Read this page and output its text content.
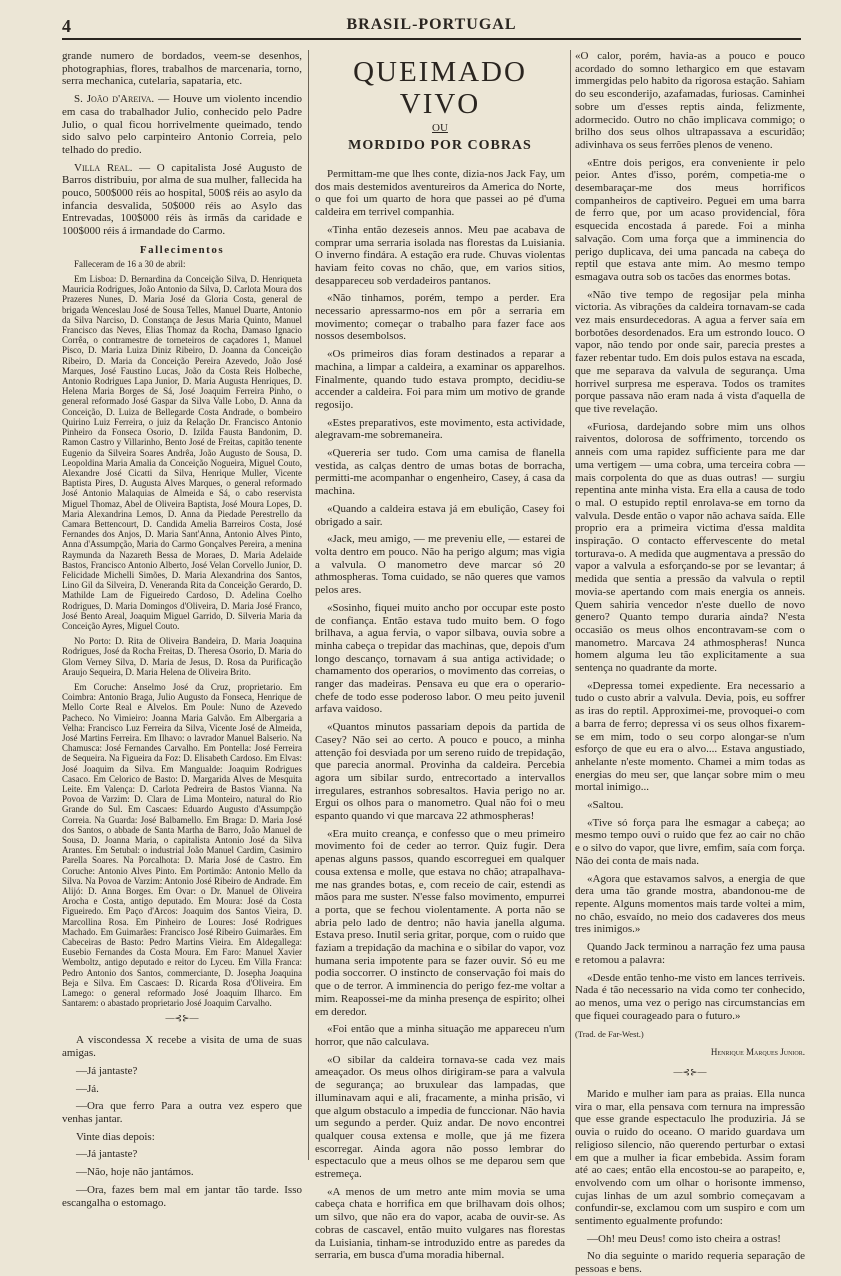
4	BRASIL-PORTUGAL

grande numero de bordados, veem-se desenhos, photographias, flores, trabalhos de marcenaria, torno, serra mechanica, cutelaria, sapataria, etc.

S. João d'Areiva. — Houve um violento incendio em casa do trabalhador Julio, conhecido pelo Padre Julio, o qual ficou horrivelmente queimado, tendo sido salvo pelo carpinteiro Antonio Correia, pelo telhado do predio.

Villa Real. — O capitalista José Augusto de Barros distribuiu, por alma de sua mulher, fallecida ha pouco, 500$000 réis ao hospital, 500$ réis ao asylo da infancia desvalida, 50$000 réis ao Asylo das Entrevadas, 100$000 réis às irmãs da caridade e 100$000 réis á irmandade do Carmo.

Fallecimentos

Falleceram de 16 a 30 de abril:

Em Lisboa: D. Bernardina da Conceição Silva, D. Henriqueta Mauricia Rodrigues, João Antonio da Silva, D. Carlota Moura dos Prazeres Nunes, D. Maria José da Gloria Costa, general de brigada Wenceslau José de Sousa Telles, Manuel Duarte, Antonio da Silva Narciso, D. Constança de Jesus Maria Quinto, Manuel Francisco das Neves, Elias Thomaz da Rocha, Damaso Ignacio Corrêa, o contramestre de torneteiros de caçadores 1, Manuel Pisco, D. Maria Luiza Diniz Ribeiro, D. Joanna da Conceição Ribeiro, D. Maria da Conceição Pereira Azevedo, João José Marques, José Faustino Lucas, João da Costa Reis Holbeche, Antonio Rodrigues Lapa Junior, D. Maria Augusta Henriques, D. Helena Maria Borges de Sá, José Joaquim Ferreira Pinho, o general reformado José Gaspar da Silva Valle Lobo, D. Anna da Conceição, D. Luiza de Bellegarde Costa Andrade, o bombeiro Quirino Luiz Ferreira, o juiz da Relação Dr. Francisco Antonio Pinheiro da Fonseca Osorio, D. Izilda Fausta Bandonim, D. Ramon Castro y Villarinho, Bento José de Freitas, capitão tenente Eugenio da Silveira Soares Andrêa, João Augusto de Sousa, D. Leopoldina Maria Amalia da Conceição Nogueira, Miguel Couto, Alexandre José Cicatti da Silva, Henrique Muller, Vicente Baptista Pires, D. Augusta Alves Marques, o general reformado José Antonio Malaquias de Almeida e Sá, o cabo reservista Miguel Thomaz, Abel de Oliveira Baptista, José Moura Lopes, D. Maria Alexandrina Lemos, D. Anna da Piedade Perestrello da Camara Bettencourt, D. Candida Amelia Barreiros Costa, José Fernandes dos Anjos, D. Maria Sant'Anna, Antonio Alves Pinto, Anna d'Assumpção, Maria do Carmo Gonçalves Pereira, a menina Raymunda da Nazareth Bessa de Moraes, D. Maria Adelaide Bastos, Francisco Antonio Alberto, José Velan Corvello Junior, D. Felicidade Michelli Simões, D. Maria Alexandrina dos Santos, Lino Gil da Silveira, D. Veneranda Rita da Conceição Gerardo, D. Mathilde Lam de Figueiredo Cardoso, D. Adelina Coelho Rodrigues, D. Maria Domingos d'Oliveira, D. Maria José Franco, José Bento Areal, Joaquim Miguel Garrido, D. Silveria Maria da Conceição Ayres, Miguel Couto.

No Porto: D. Rita de Oliveira Bandeira, D. Maria Joaquina Rodrigues, José da Rocha Freitas, D. Theresa Osorio, D. Maria do Glom Verney Silva, D. Maria de Jesus, D. Rosa da Purificação Araujo Sequeira, D. Maria Helena de Oliveira Brito.

Em Coruche: Anselmo José da Cruz, proprietario. Em Coimbra: Antonio Braga, Julio Augusto da Fonseca, Henrique de Mello Corte Real e Alvelos. Em Poule: Nuno de Azevedo Pacheco. No Vimieiro: Joanna Maria Galvão. Em Albergaria a Velha: Francisco Luz Ferreira da Silva, Vicente José de Almeida, José Martins Ferreira. Em Ilhavo: o lavrador Manuel Balserio. Na Chamusca: José Fernandes Carvalho. Em Pontella: José Ferreira de Sequeira. Na Figueira da Foz: D. Elisabeth Cardoso. Em Elvas: José Joaquim da Silva. Em Mangualde: Joaquim Rodrigues Casaco. Em Celorico de Basto: D. Margarida Alves de Mesquita Leite. Em Valença: D. Carlota Pedreira de Bastos Vianna. Na Povoa de Varzim: D. Clara de Lima Monteiro, natural do Rio Grande do Sul. Em Cascaes: Eduardo Augusto d'Assumpção Correia. Na Guarda: José Balbamello. Em Braga: D. Maria José dos Santos, o abbade de Santa Martha de Barro, João Manuel de Sousa, D. Joanna Maria, o capitalista Antonio José da Silva Arantes. Em Setubal: o industrial João Manuel Cardim, Casimiro Parella Soares. Na Porcalhota: D. Maria José de Castro. Em Coruche: Antonio Alves Pinto. Em Portimão: Antonio Mello da Silva. Na Povoa de Varzim: Antonio José Ribeiro de Andrade. Em Alijó: D. Anna Borges. Em Ovar: o Dr. Manuel de Oliveira Arocha e Costa, antigo deputado. Em Moura: José da Costa Figueiredo. Em Paço d'Arcos: Joaquim dos Santos Vieira, D. Marcollina Rosa. Em Pinheiro de Loures: José Rodrigues Machado. Em Guimarães: Francisco José Ribeiro Guimarães. Em Cabeceiras de Basto: Pedro Martins Vieira. Em Aldegallega: Eusebio Fernandes da Costa Moura. Em Faro: Manuel Xavier Wemboltz, antigo deputado e reitor do Lyceu. Em Villa Franca: Pedro Antonio dos Santos, commerciante, D. Josepha Joaquina Beja e Silva. Em Cascaes: D. Ricarda Rosa d'Oliveira. Em Lamego: o general reformado José Joaquim Ilharco. Em Santarem: o abastado proprietario José Joaquim Carvalho.

—⊰⊱—

A viscondessa X recebe a visita de uma de suas amigas.

—Já jantaste?

—Já.

—Ora que ferro Para a outra vez espero que venhas jantar.

Vinte dias depois:

—Já jantaste?

—Não, hoje não jantámos.

—Ora, fazes bem mal em jantar tão tarde. Isso escangalha o estomago.

QUEIMADO VIVO
OU
MORDIDO POR COBRAS

Permittam-me que lhes conte, dizia-nos Jack Fay, um dos mais destemidos aventureiros da America do Norte, o que foi um quarto de hora que passei ao pé d'uma caldeira em terrivel companhia.

«Tinha então dezeseis annos. Meu pae acabava de comprar uma serraria isolada nas florestas da Luisiania. O inverno findára. A estação era rude. Chuvas violentas haviam feito covas no chão, que, em varios sitios, desappareceu sob verdadeiros pantanos.

«Não tinhamos, porém, tempo a perder. Era necessario apressarmo-nos em pôr a serraria em movimento; começar o trabalho para fazer face aos nossos desembolsos.

«Os primeiros dias foram destinados a reparar a machina, a limpar a caldeira, a examinar os apparelhos. Finalmente, quando tudo estava prompto, decidiu-se accender a caldeira. Foi para mim um motivo de grande regosijo.

«Estes preparativos, este movimento, esta actividade, alegravam-me sobremaneira.

«Quereria ser tudo. Com uma camisa de flanella vestida, as calças dentro de umas botas de borracha, permitti-me acompanhar o engenheiro, Casey, á casa da machina.

«Quando a caldeira estava já em ebulição, Casey foi obrigado a sair.

«Jack, meu amigo, — me preveniu elle, — estarei de volta dentro em pouco. Não ha perigo algum; mas vigia a valvula. O manometro deve marcar só 20 athmospheras. Toma cuidado, se não queres que vamos pelos ares.

«Sosinho, fiquei muito ancho por occupar este posto de confiança. Então estava tudo muito bem. O fogo brilhava, a agua fervia, o vapor silbava, ouvia sobre a minha cabeça o trepidar das machinas, que, depois d'um longo descanço, tornavam á sua antiga actividade; o chamamento dos operarios, o movimento das correias, o ranger das madeiras. Pensava eu que era o operario-chefe de todo esse poderoso labor. O meu peito juvenil arfava vaidoso.

«Quantos minutos passariam depois da partida de Casey? Não sei ao certo. A pouco e pouco, a minha attenção foi desviada por um sereno ruido de trepidação, que parecia anormal. Provinha da caldeira. Percebia agora um sibilar surdo, entrecortado a intervallos irregulares, estranhos sobresaltos. Havia perigo no ar. Ergui os olhos para o manometro. Qual não foi o meu espanto quando vi que marcava 22 athmospheras!

«Era muito creança, e confesso que o meu primeiro movimento foi de ceder ao terror. Quiz fugir. Dera apenas alguns passos, quando escorreguei em qualquer cousa extensa e molle, que estava no chão; atrapalhava-me nas grandes botas, e, com receio de cair, estendi as mãos para me suster. N'esse falso movimento, empurrei a porta, que se fechou violentamente. A porta não se abria pelo lado de dentro; não havia janella alguma. Estava preso. Inutil seria gritar, porque, com o ruido que faziam a trepidação da machina e o sibilar do vapor, voz humana seria impotente para se fazer ouvir. Só eu me podia soccorrer. O instincto de conservação foi mais do que o de terror. A imminencia do perigo fez-me voltar a mim. Reapossei-me da minha presença de espirito; olhei em deredor.

«Foi então que a minha situação me appareceu n'um horror, que não calculava.

«O sibilar da caldeira tornava-se cada vez mais ameaçador. Os meus olhos dirigiram-se para a valvula de segurança; ao bruxulear das lampadas, que illuminavam aqui e ali, fracamente, a minha prisão, vi que algum obstaculo a impedia de funccionar. Não havia um segundo a perder. Quiz andar. De novo encontrei qualquer cousa extensa e molle, que já me fizera escorregar. Ainda agora não posso lembrar do espectaculo que a meus olhos se me deparou sem que estremeça.

«A menos de um metro ante mim movia se uma cabeça chata e horrifica em que brilhavam dois olhos; um silvo, que não era do vapor, acaba de ouvir-se. As cobras de cascavel, então muito vulgares nas florestas da Luisiania, tinham-se introduzido entre as paredes da serraria, em busca d'uma moradia hibernal.

«O calor, porém, havia-as a pouco e pouco acordado do somno lethargico em que estavam immergidas pelo habito da rigorosa estação. Sahiam do seu esconderijo, azafamadas, furiosas. Caminhei sobre um d'esses reptis ainda, felizmente, adormecido. Outro no chão implicava commigo; o brilho dos seus olhos ultrapassava a escuridão; adivinhava os seus ferrões plenos de veneno.

«Entre dois perigos, era conveniente ir pelo peior. Antes d'isso, porém, competia-me o desembaraçar-me dos meus horrificos companheiros de captiveiro. Peguei em uma barra de ferro que, por um acaso providencial, fôra esquecida encostada á parede. Foi a minha salvação. Com uma força que a imminencia do perigo duplicava, dei uma pancada na cabeça do reptil que estava ante mim. Ao mesmo tempo esmagava outra sob os tacões das enormes botas.

«Não tive tempo de regosijar pela minha victoria. As vibrações da caldeira tornavam-se cada vez mais ensurdecedoras. A agua a ferver saía em borbotões desordenados. Era um estrondo louco. O vapor, não tendo por onde sair, parecia prestes a fazer rebentar tudo. Em dois pulos estava na escada, que me separava da valvula de segurança. Uma horrivel surpresa me esperava. Todos os tramites porque passava não eram nada á vista d'aquella de que tive revelação.

«Furiosa, dardejando sobre mim uns olhos raiventos, dolorosa de soffrimento, torcendo os anneis com uma rapidez sufficiente para me dar uma vertigem — uma cobra, uma terceira cobra — mais corpolenta do que as duas outras! — surgiu repentina ante minha vista. Era ella a causa de todo o mal. O estupido reptil enrolava-se em torno da valvula. Desde então o vapor não achava saída. Elle proprio era a primeira victima d'essa maldita inspiração. O contacto effervescente do metal torturava-o. A medida que augmentava a pressão do vapor a valvula a esforçando-se por se levantar; á medida que sentia a pressão da valvula o reptil movia-se apertando com mais energia os anneis. Quem sahiria vencedor n'este duello de novo genero? Quanto tempo duraria ainda? N'esta occasião os meus olhos encontravam-se com o manometro. Marcava 24 athmospheras! Nunca homem alguma leu tão explicitamente a sua sentença no quadrante da morte.

«Depressa tomei expediente. Era necessario a tudo o custo abrir a valvula. Devia, pois, eu soffrer as iras do reptil. Approximei-me, provoquei-o com a barra de ferro; depressa vi os seus olhos fixarem-se em mim, todo o seu corpo alongar-se n'um esforço de que eu era o alvo.... Estava angustiado, anhelante n'este momento. Chamei a mim todas as energias do meu ser, que lançar sobre mim o meu mortal inimigo...

«Saltou.

«Tive só força para lhe esmagar a cabeça; ao mesmo tempo ouvi o ruido que fez ao cair no chão e o silvo do vapor, que livre, emfim, saía com força. Não dei conta de mais nada.

«Agora que estavamos salvos, a energia de que dera uma tão grande mostra, abandonou-me de repente. Alguns momentos mais tarde voltei a mim, no chão, esvaído, no meio dos cadaveres dos meus tres inimigos.»

Quando Jack terminou a narração fez uma pausa e retomou a palavra:

«Desde então tenho-me visto em lances terriveis. Nada é tão necessario na vida como ter conhecido, ao menos, uma vez o perigo nas circumstancias em que fiquei courageado para o futuro.»

(Trad. de Far-West.)

Henrique Marques Junior.
—⊰⊱—

Marido e mulher iam para as praias. Ella nunca vira o mar, ella pensava com ternura na impressão que esse grande espectaculo lhe produziria. Já se ouvia o ruido do oceano. O marido guardava um religioso silencio, não querendo perturbar o extasi em que a mulher ia ficar embebida. Assim foram até ao caes; então ella encostou-se ao parapeito, e, envolvendo com um olhar o horisonte immenso, cujas linhas de um azul sombrio começavam a confundir-se, exclamou com um suspiro e com um sentimento egualmente profundo:

—Oh! meu Deus! como isto cheira a ostras!

No dia seguinte o marido requeria separação de pessoas e bens.
